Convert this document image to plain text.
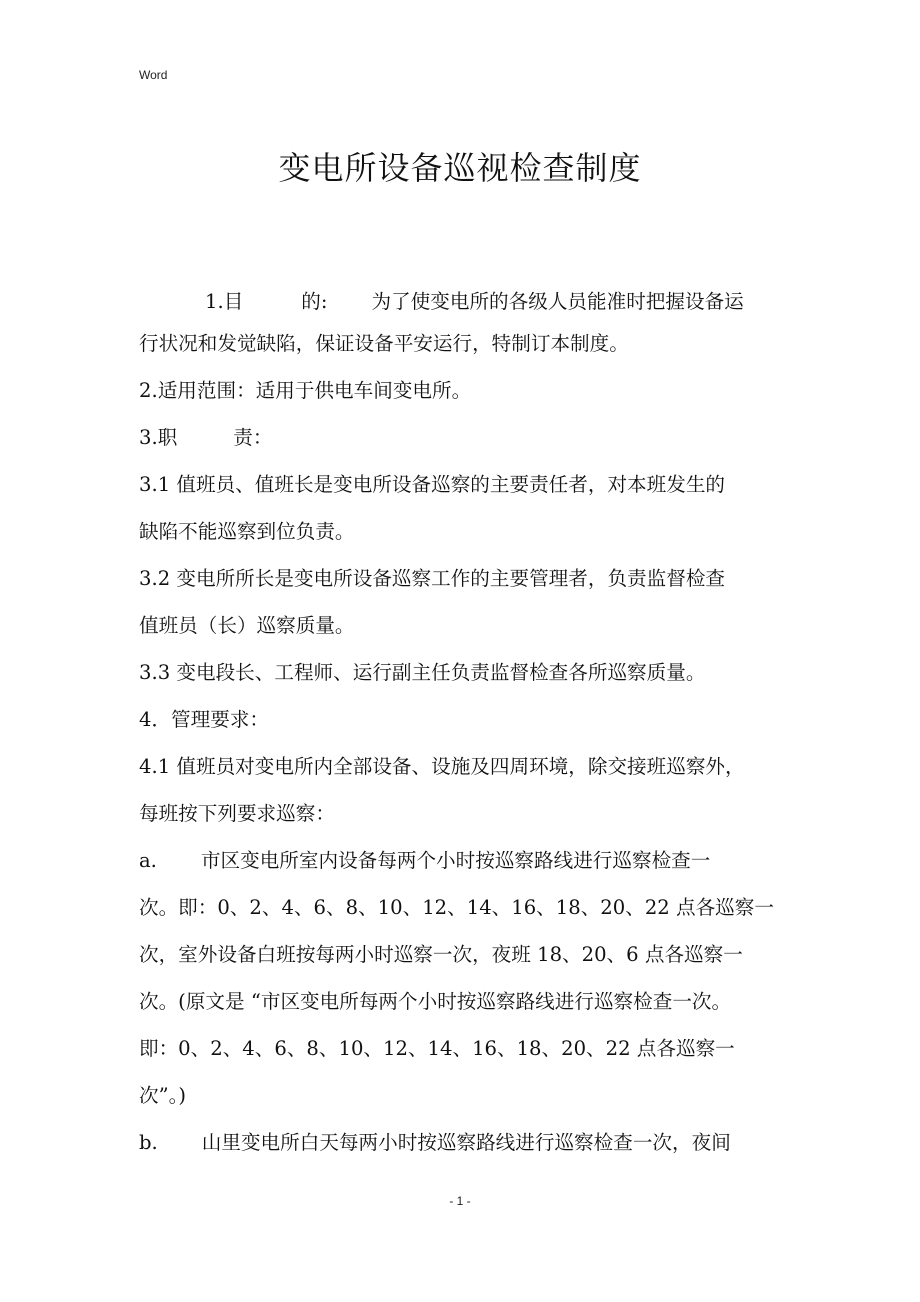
Word
变电所设备巡视检查制度

1.目	的: 为了使变电所的各级人员能准时把握设备运

行状况和发觉缺陷，保证设备平安运行，特制订本制度。

2.适用范围：适用于供电车间变电所。

3.职	责：

3.1 值班员、值班长是变电所设备巡察的主要责任者，对本班发生的

缺陷不能巡察到位负责。

3.2 变电所所长是变电所设备巡察工作的主要管理者，负责监督检查

值班员（长）巡察质量。

3.3 变电段长、工程师、运行副主任负责监督检查各所巡察质量。

4．管理要求：

4.1 值班员对变电所内全部设备、设施及四周环境，除交接班巡察外，

每班按下列要求巡察：

a. 市区变电所室内设备每两个小时按巡察路线进行巡察检查一

次。即：0、2、4、6、8、10、12、14、16、18、20、22 点各巡察一

次，室外设备白班按每两小时巡察一次，夜班 18、20、6 点各巡察一

次。(原文是 “市区变电所每两个小时按巡察路线进行巡察检查一次。

即：0、2、4、6、8、10、12、14、16、18、20、22 点各巡察一

次”。)

b. 山里变电所白天每两小时按巡察路线进行巡察检查一次，夜间

- 1 -
